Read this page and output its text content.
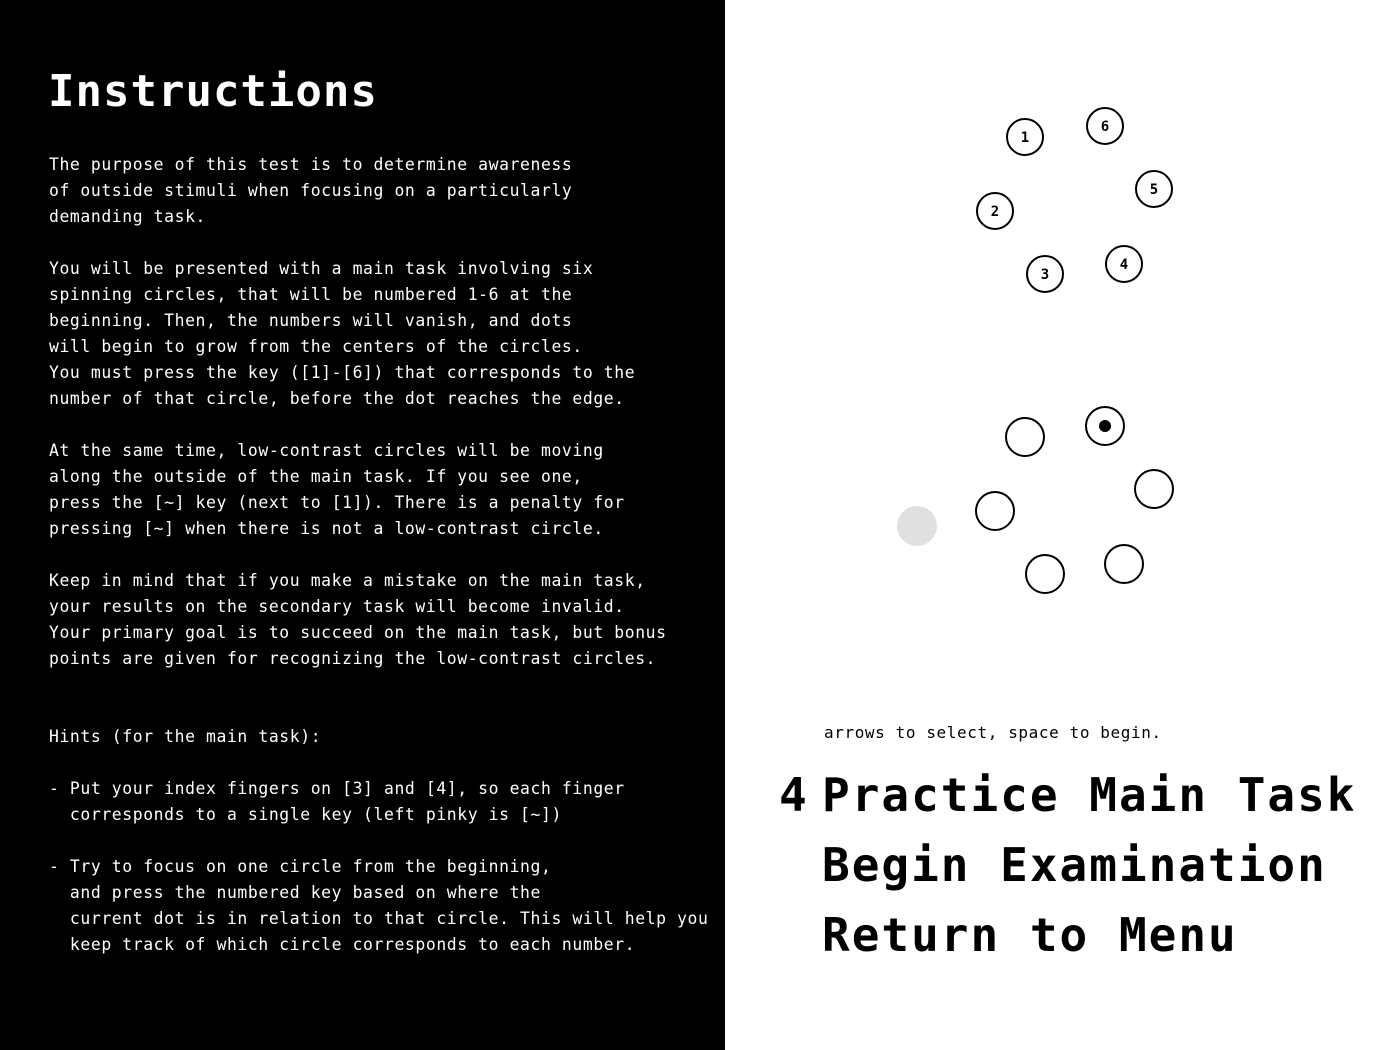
Instructions
The purpose of this test is to determine awareness
of outside stimuli when focusing on a particularly
demanding task.
You will be presented with a main task involving six
spinning circles, that will be numbered 1-6 at the
beginning. Then, the numbers will vanish, and dots
will begin to grow from the centers of the circles.
You must press the key ([1]-[6]) that corresponds to the
number of that circle, before the dot reaches the edge.
At the same time, low-contrast circles will be moving
along the outside of the main task. If you see one,
press the [~] key (next to [1]). There is a penalty for
pressing [~] when there is not a low-contrast circle.
Keep in mind that if you make a mistake on the main task,
your results on the secondary task will become invalid.
Your primary goal is to succeed on the main task, but bonus
points are given for recognizing the low-contrast circles.
Hints (for the main task):
- Put your index fingers on [3] and [4], so each finger
corresponds to a single key (left pinky is [~])
- Try to focus on one circle from the beginning,
and press the numbered key based on where the
current dot is in relation to that circle. This will help you
keep track of which circle corresponds to each number.
1
2
3
4
5
6
arrows to select, space to begin.
4 Practice Main Task
Begin Examination
Return to Menu
